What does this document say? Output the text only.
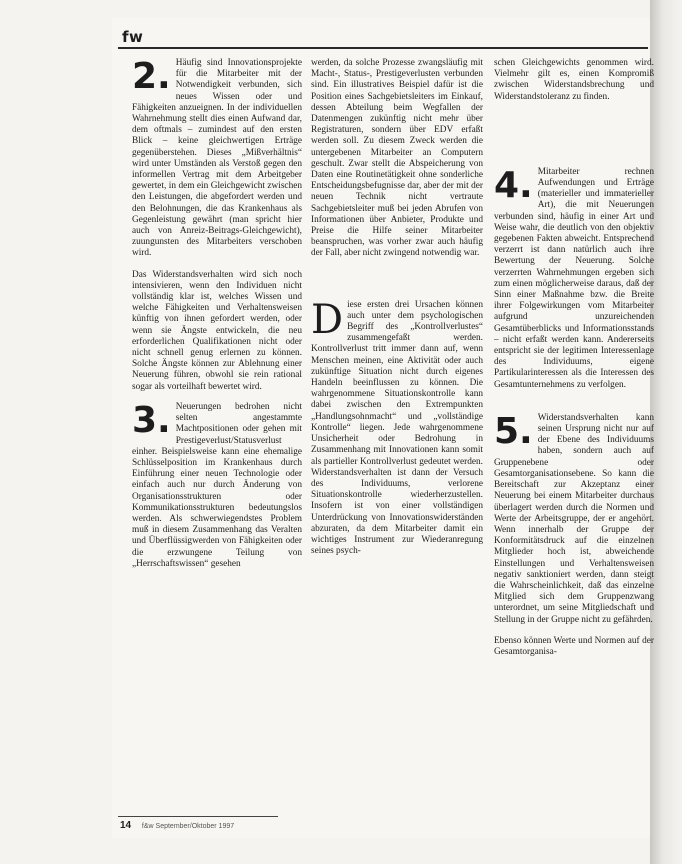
fw
2. Häufig sind Innovationsprojekte für die Mitarbeiter mit der Notwendigkeit verbunden, sich neues Wissen oder und Fähigkeiten anzueignen. In der individuellen Wahrnehmung stellt dies einen Aufwand dar, dem oftmals – zumindest auf den ersten Blick – keine gleichwertigen Erträge gegenüberstehen. Dieses „Mißverhältnis“ wird unter Umständen als Verstoß gegen den informellen Vertrag mit dem Arbeitgeber gewertet, in dem ein Gleichgewicht zwischen den Leistungen, die abgefordert werden und den Belohnungen, die das Krankenhaus als Gegenleistung gewährt (man spricht hier auch von Anreiz-Beitrags-Gleichgewicht), zuungunsten des Mitarbeiters verschoben wird.

Das Widerstandsverhalten wird sich noch intensivieren, wenn den Individuen nicht vollständig klar ist, welches Wissen und welche Fähigkeiten und Verhaltensweisen künftig von ihnen gefordert werden, oder wenn sie Ängste entwickeln, die neu erforderlichen Qualifikationen nicht oder nicht schnell genug erlernen zu können. Solche Ängste können zur Ablehnung einer Neuerung führen, obwohl sie rein rational sogar als vorteilhaft bewertet wird.

3. Neuerungen bedrohen nicht selten angestammte Machtpositionen oder gehen mit Prestigeverlust/Statusverlust einher. Beispielsweise kann eine ehemalige Schlüsselposition im Krankenhaus durch Einführung einer neuen Technologie oder einfach auch nur durch Änderung von Organisationsstrukturen oder Kommunikationsstrukturen bedeutungslos werden. Als schwerwiegendstes Problem muß in diesem Zusammenhang das Veralten und Überflüssigwerden von Fähigkeiten oder die erzwungene Teilung von „Herrschaftswissen“ gesehen

werden, da solche Prozesse zwangsläufig mit Macht-, Status-, Prestigeverlusten verbunden sind. Ein illustratives Beispiel dafür ist die Position eines Sachgebietsleiters im Einkauf, dessen Abteilung beim Wegfallen der Datenmengen zukünftig nicht mehr über Registraturen, sondern über EDV erfaßt werden soll. Zu diesem Zweck werden die untergebenen Mitarbeiter an Computern geschult. Zwar stellt die Abspeicherung von Daten eine Routinetätigkeit ohne sonderliche Entscheidungsbefugnisse dar, aber der mit der neuen Technik nicht vertraute Sachgebietsleiter muß bei jeden Abrufen von Informationen über Anbieter, Produkte und Preise die Hilfe seiner Mitarbeiter beanspruchen, was vorher zwar auch häufig der Fall, aber nicht zwingend notwendig war.

D iese ersten drei Ursachen können auch unter dem psychologischen Begriff des „Kontrollverlustes“ zusammengefaßt werden. Kontrollverlust tritt immer dann auf, wenn Menschen meinen, eine Aktivität oder auch zukünftige Situation nicht durch eigenes Handeln beeinflussen zu können. Die wahrgenommene Situationskontrolle kann dabei zwischen den Extrempunkten „Handlungsohnmacht“ und „vollständige Kontrolle“ liegen. Jede wahrgenommene Unsicherheit oder Bedrohung in Zusammenhang mit Innovationen kann somit als partieller Kontrollverlust gedeutet werden. Widerstandsverhalten ist dann der Versuch des Individuums, verlorene Situationskontrolle wiederherzustellen. Insofern ist von einer vollständigen Unterdrückung von Innovationswiderständen abzuraten, da dem Mitarbeiter damit ein wichtiges Instrument zur Wiederanregung seines psych-

schen Gleichgewichts genommen wird. Vielmehr gilt es, einen Kompromiß zwischen Widerstandsbrechung und Widerstandstoleranz zu finden.

4. Mitarbeiter rechnen Aufwendungen und Erträge (materieller und immaterieller Art), die mit Neuerungen verbunden sind, häufig in einer Art und Weise wahr, die deutlich von den objektiv gegebenen Fakten abweicht. Entsprechend verzerrt ist dann natürlich auch ihre Bewertung der Neuerung. Solche verzerrten Wahrnehmungen ergeben sich zum einen möglicherweise daraus, daß der Sinn einer Maßnahme bzw. die Breite ihrer Folgewirkungen vom Mitarbeiter aufgrund unzureichenden Gesamtüberblicks und Informationsstands – nicht erfaßt werden kann. Andererseits entspricht sie der legitimen Interessenlage des Individuums, eigene Partikularinteressen als die Interessen des Gesamtunternehmens zu verfolgen.
5. Widerstandsverhalten kann seinen Ursprung nicht nur auf der Ebene des Individuums haben, sondern auch auf Gruppenebene oder Gesamtorganisationsebene. So kann die Bereitschaft zur Akzeptanz einer Neuerung bei einem Mitarbeiter durchaus überlagert werden durch die Normen und Werte der Arbeitsgruppe, der er angehört. Wenn innerhalb der Gruppe der Konformitätsdruck auf die einzelnen Mitglieder hoch ist, abweichende Einstellungen und Verhaltensweisen negativ sanktioniert werden, dann steigt die Wahrscheinlichkeit, daß das einzelne Mitglied sich dem Gruppenzwang unterordnet, um seine Mitgliedschaft und Stellung in der Gruppe nicht zu gefährden.

Ebenso können Werte und Normen auf der Gesamtorganisa-

14 f&w September/Oktober 1997
